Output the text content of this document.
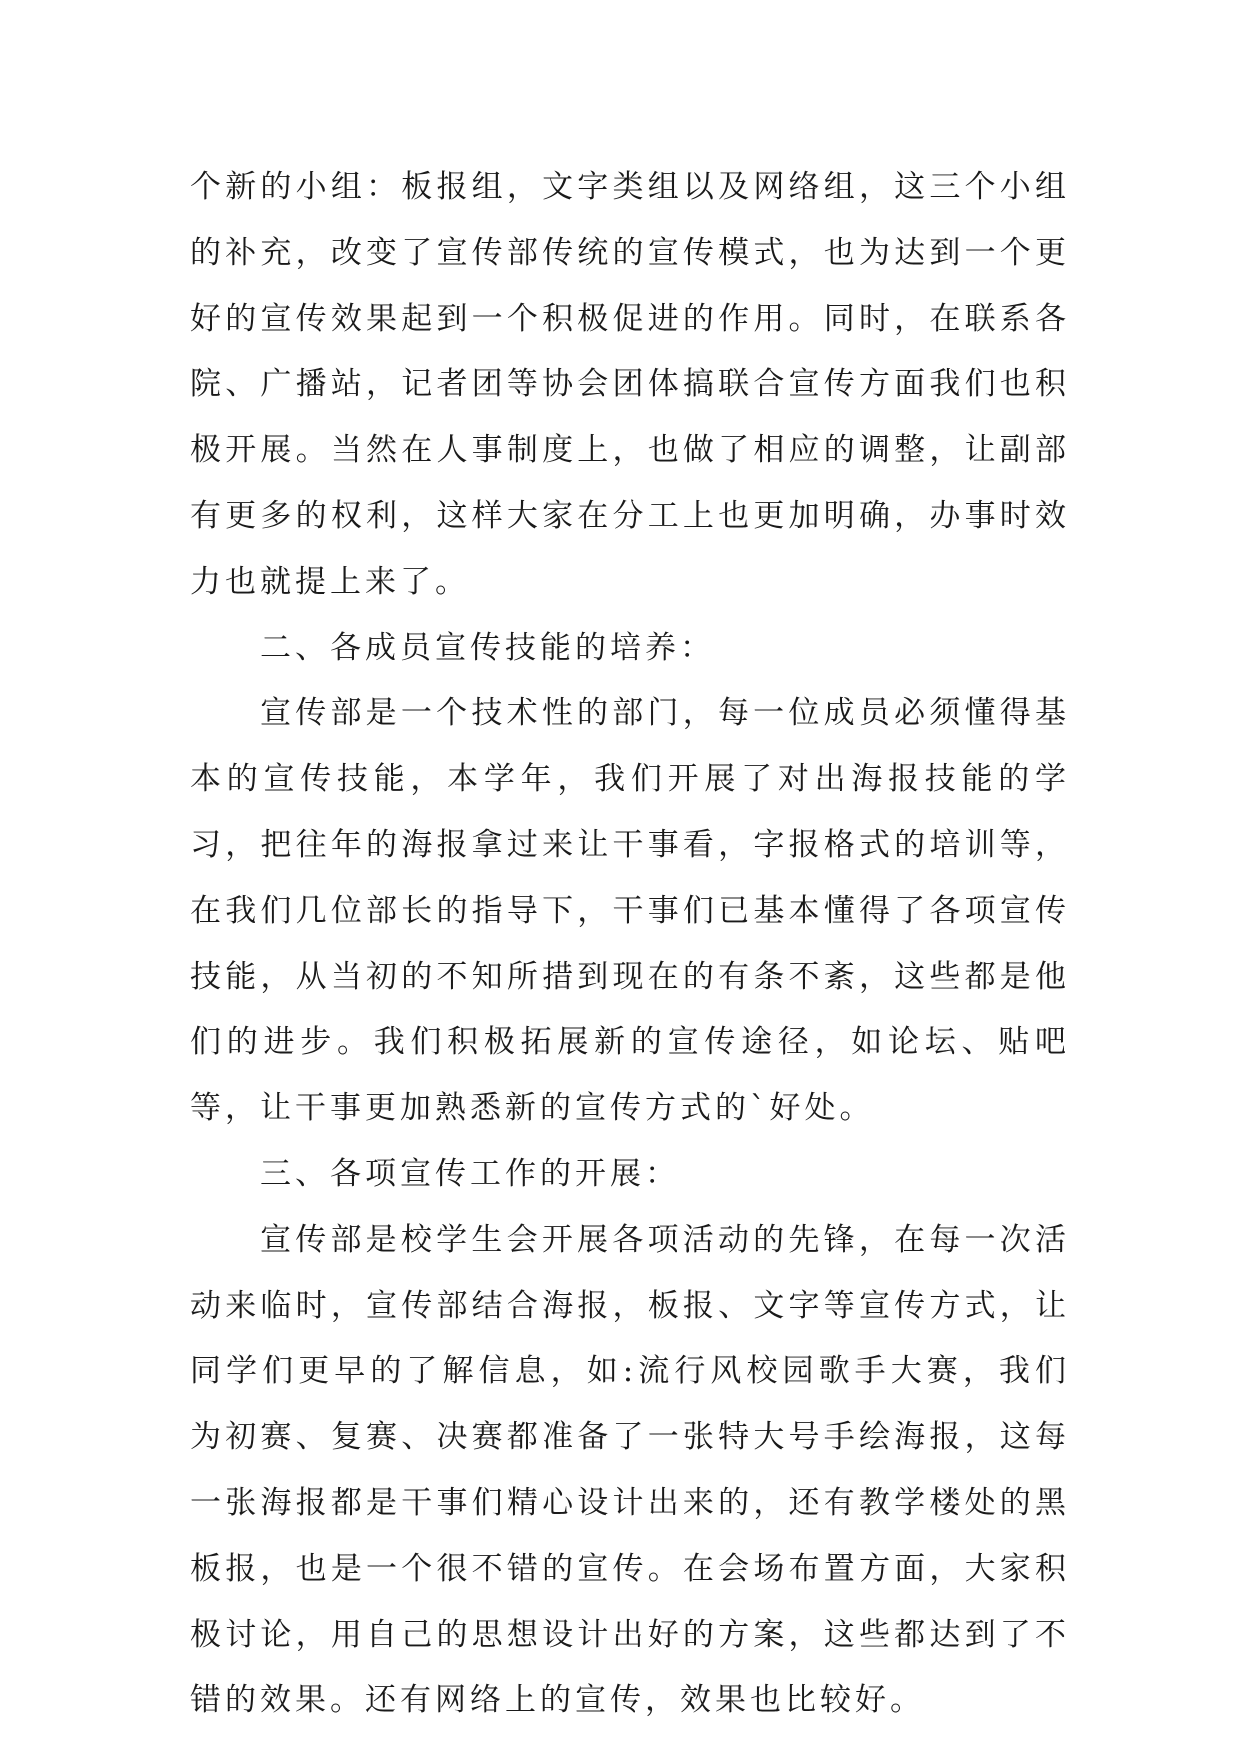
个新的小组：板报组，文字类组以及网络组，这三个小组的补充，改变了宣传部传统的宣传模式，也为达到一个更好的宣传效果起到一个积极促进的作用。同时，在联系各院、广播站，记者团等协会团体搞联合宣传方面我们也积极开展。当然在人事制度上，也做了相应的调整，让副部有更多的权利，这样大家在分工上也更加明确，办事时效力也就提上来了。

二、各成员宣传技能的培养：

宣传部是一个技术性的部门，每一位成员必须懂得基本的宣传技能，本学年，我们开展了对出海报技能的学习，把往年的海报拿过来让干事看，字报格式的培训等，在我们几位部长的指导下，干事们已基本懂得了各项宣传技能，从当初的不知所措到现在的有条不紊，这些都是他们的进步。我们积极拓展新的宣传途径，如论坛、贴吧等，让干事更加熟悉新的宣传方式的`好处。

三、各项宣传工作的开展：

宣传部是校学生会开展各项活动的先锋，在每一次活动来临时，宣传部结合海报，板报、文字等宣传方式，让同学们更早的了解信息，如:流行风校园歌手大赛，我们为初赛、复赛、决赛都准备了一张特大号手绘海报，这每一张海报都是干事们精心设计出来的，还有教学楼处的黑板报，也是一个很不错的宣传。在会场布置方面，大家积极讨论，用自己的思想设计出好的方案，这些都达到了不错的效果。还有网络上的宣传，效果也比较好。
